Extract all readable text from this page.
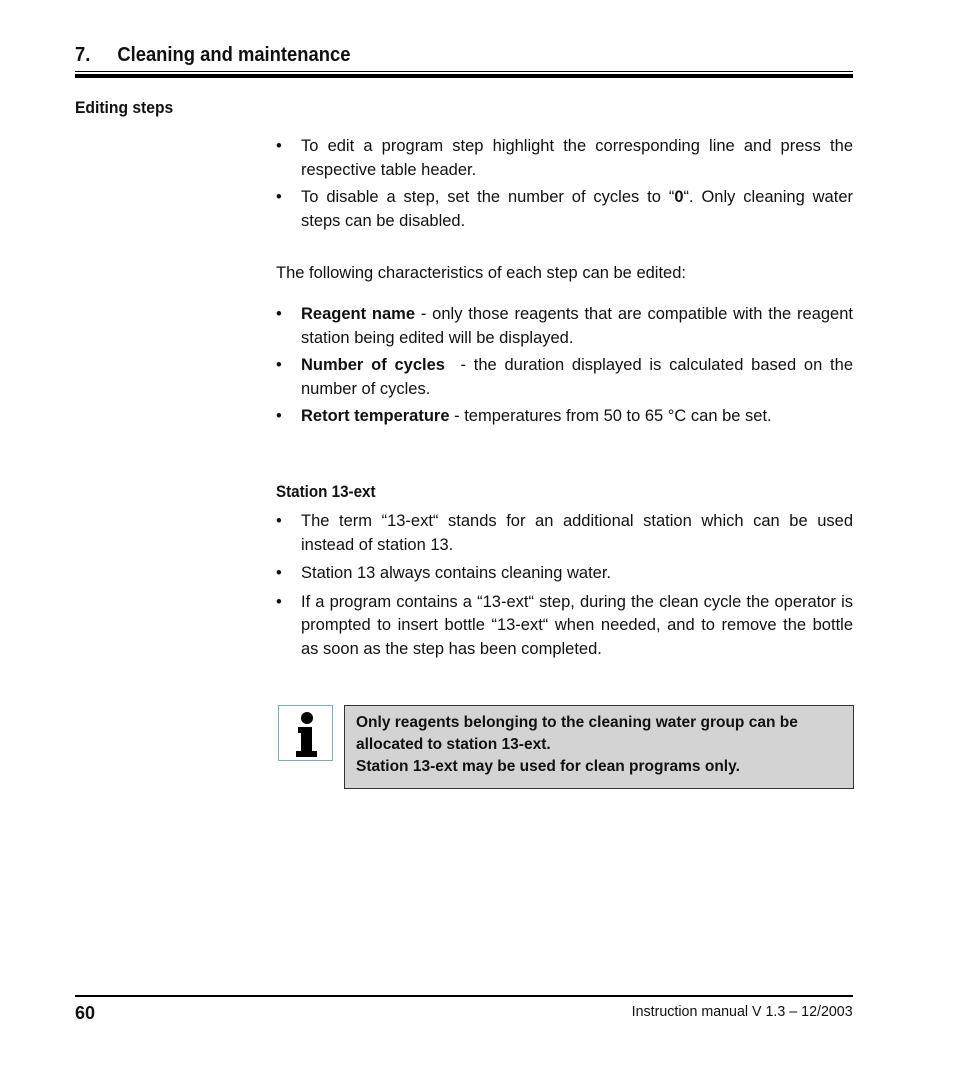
7. Cleaning and maintenance
Editing steps
• To edit a program step highlight the corresponding line and press the respective table header.
• To disable a step, set the number of cycles to “0“. Only cleaning water steps can be disabled.
The following characteristics of each step can be edited:
• Reagent name - only those reagents that are compatible with the reagent station being edited will be displayed.
• Number of cycles  - the duration displayed is calculated based on the number of cycles.
• Retort temperature - temperatures from 50 to 65 °C can be set.
Station 13-ext
• The term “13-ext“ stands for an additional station which can be used instead of station 13.
• Station 13 always contains cleaning water.
• If a program contains a “13-ext“ step, during the clean cycle the operator is prompted to insert bottle “13-ext“ when needed, and to remove the bottle as soon as the step has been completed.
Only reagents belonging to the cleaning water group can be allocated to station 13-ext.
Station 13-ext may be used for clean programs only.
60	Instruction manual V 1.3 – 12/2003
